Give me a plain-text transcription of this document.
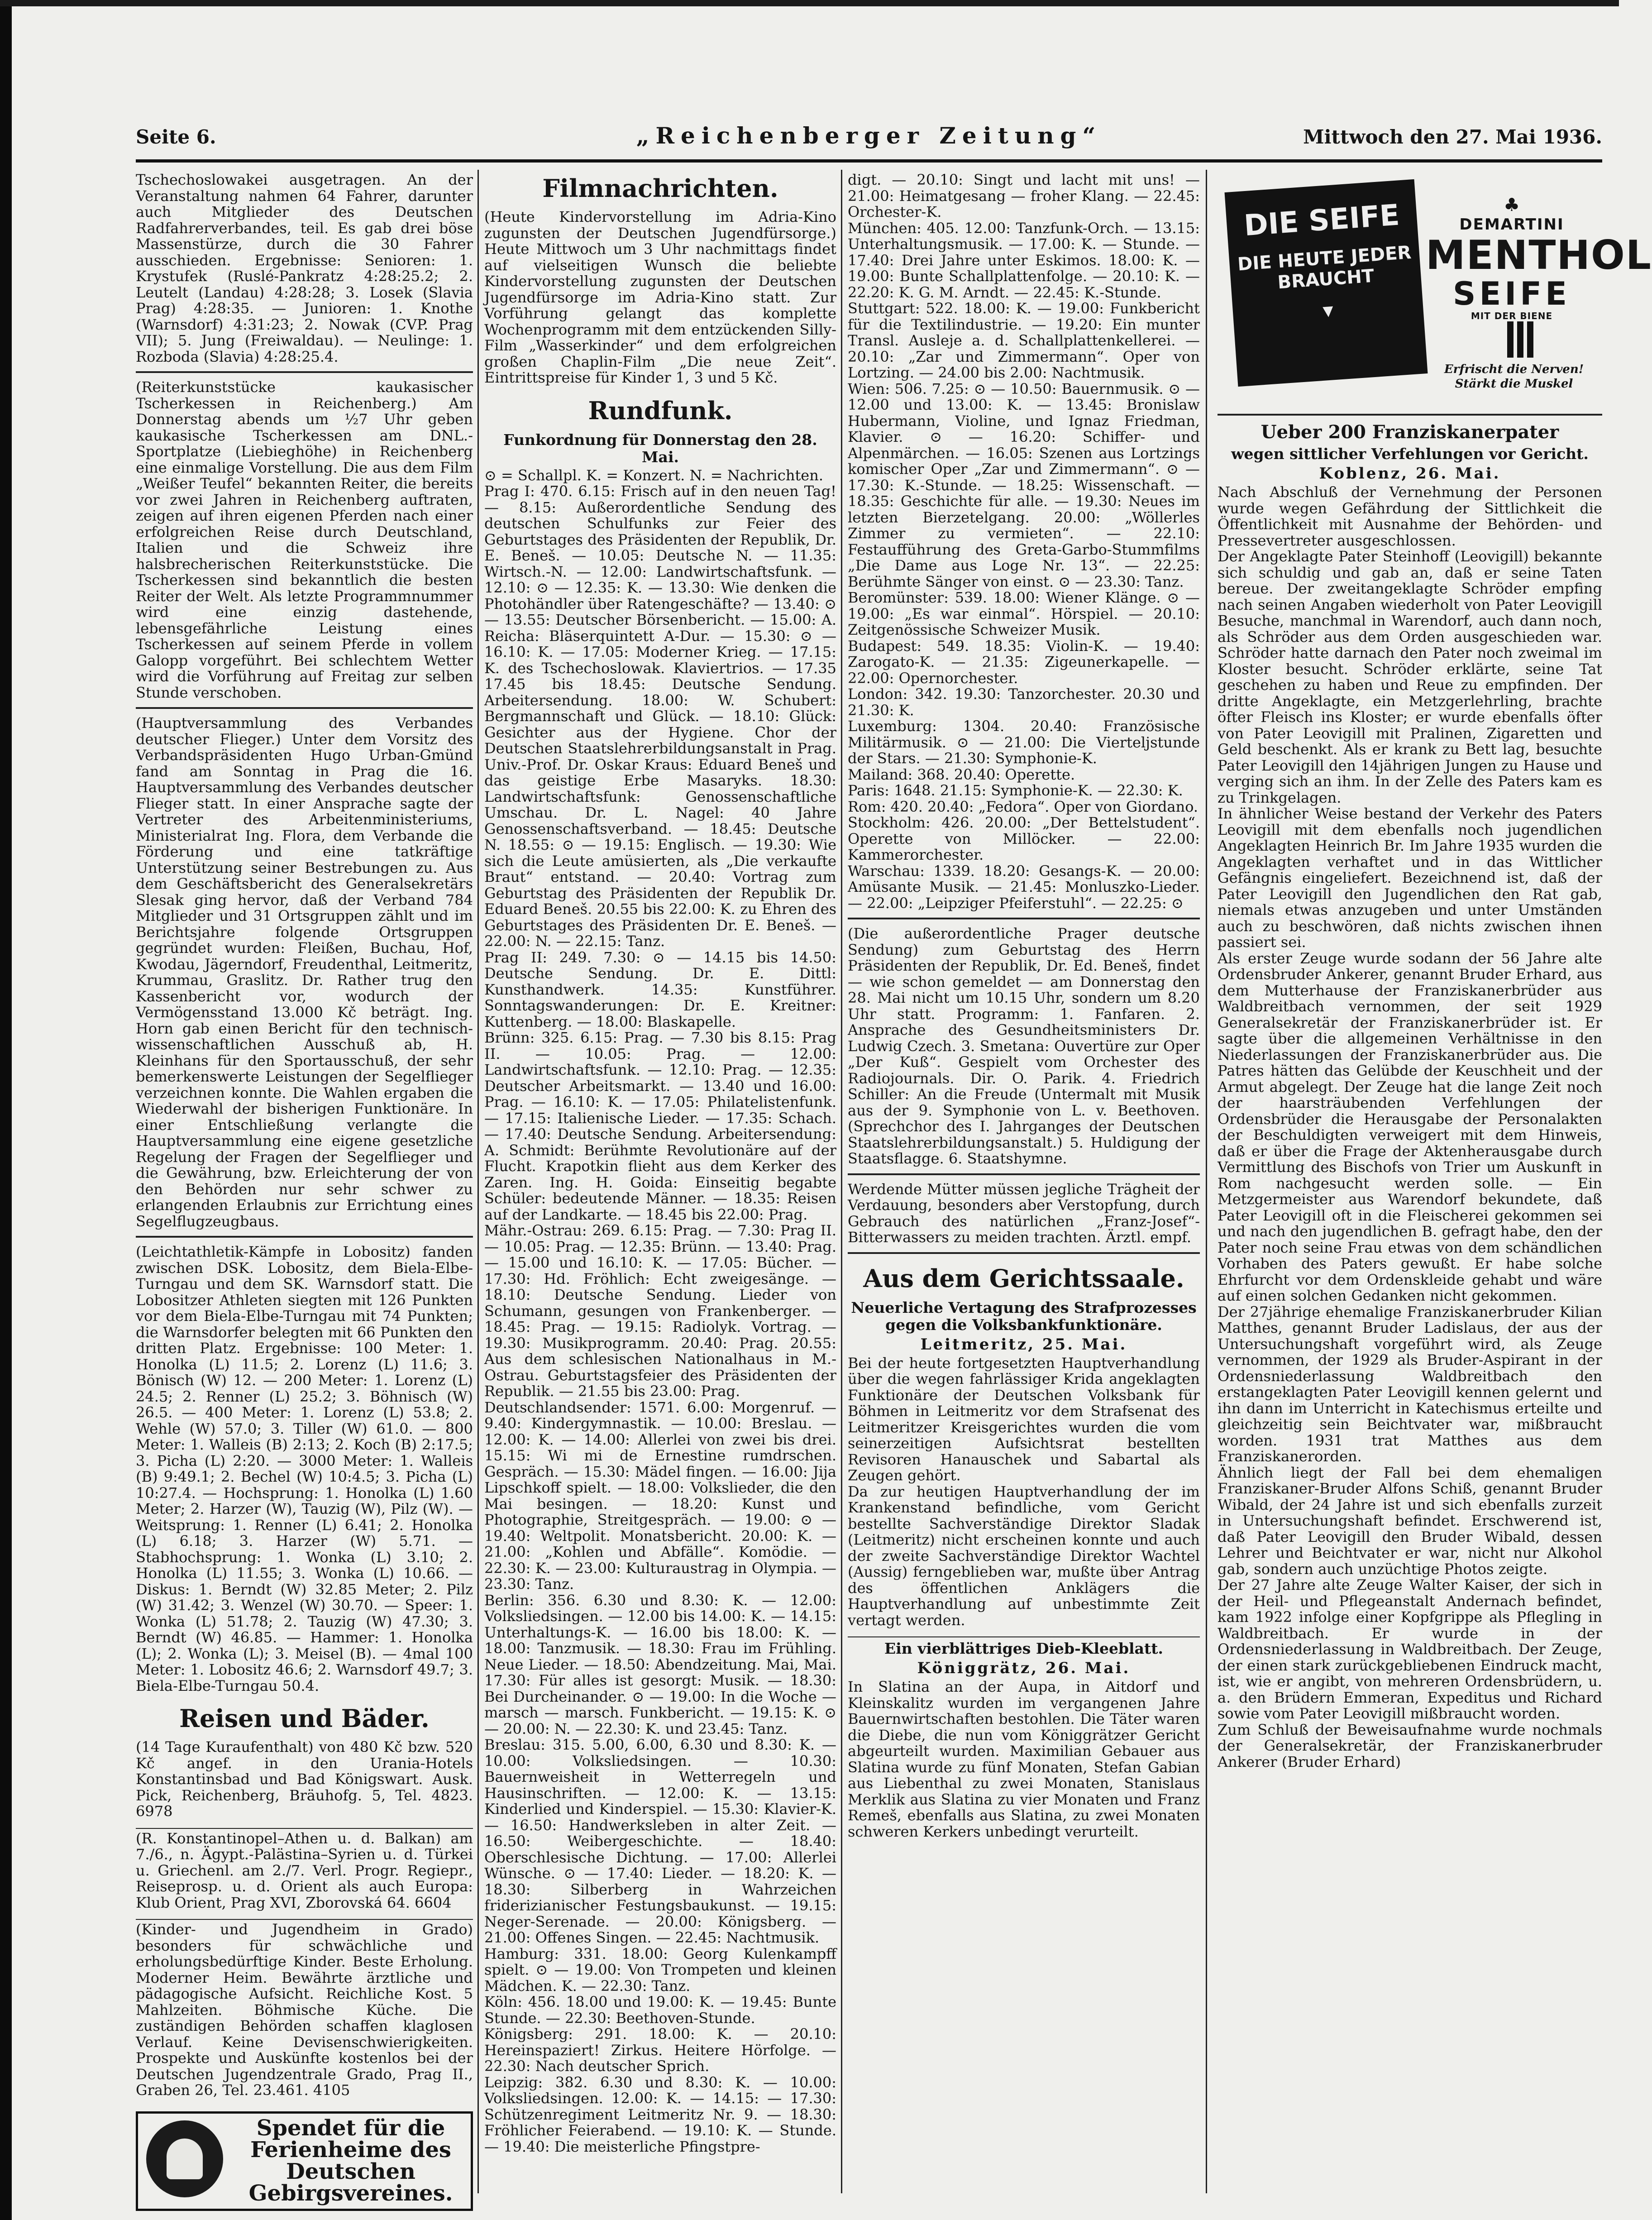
Seite 6.	„Reichenberger Zeitung“	Mittwoch den 27. Mai 1936.

Tschechoslowakei ausgetragen. An der Veranstaltung nahmen 64 Fahrer, darunter auch Mitglieder des Deutschen Radfahrerverbandes, teil. Es gab drei böse Massenstürze, durch die 30 Fahrer ausschieden. Ergebnisse: Senioren: 1. Krystufek (Ruslé-Pankratz 4:28:25.2; 2. Leutelt (Landau) 4:28:28; 3. Losek (Slavia Prag) 4:28:35. — Junioren: 1. Knothe (Warnsdorf) 4:31:23; 2. Nowak (CVP. Prag VII); 5. Jung (Freiwaldau). — Neulinge: 1. Rozboda (Slavia) 4:28:25.4.

(Reiterkunststücke kaukasischer Tscherkessen in Reichenberg.) Am Donnerstag abends um ½7 Uhr geben kaukasische Tscherkessen am DNL.-Sportplatze (Liebieghöhe) in Reichenberg eine einmalige Vorstellung. Die aus dem Film „Weißer Teufel“ bekannten Reiter, die bereits vor zwei Jahren in Reichenberg auftraten, zeigen auf ihren eigenen Pferden nach einer erfolgreichen Reise durch Deutschland, Italien und die Schweiz ihre halsbrecherischen Reiterkunststücke. Die Tscherkessen sind bekanntlich die besten Reiter der Welt. Als letzte Programmnummer wird eine einzig dastehende, lebensgefährliche Leistung eines Tscherkessen auf seinem Pferde in vollem Galopp vorgeführt. Bei schlechtem Wetter wird die Vorführung auf Freitag zur selben Stunde verschoben.

(Hauptversammlung des Verbandes deutscher Flieger.) Unter dem Vorsitz des Verbandspräsidenten Hugo Urban-Gmünd fand am Sonntag in Prag die 16. Hauptversammlung des Verbandes deutscher Flieger statt. In einer Ansprache sagte der Vertreter des Arbeitenministeriums, Ministerialrat Ing. Flora, dem Verbande die Förderung und eine tatkräftige Unterstützung seiner Bestrebungen zu. Aus dem Geschäftsbericht des Generalsekretärs Slesak ging hervor, daß der Verband 784 Mitglieder und 31 Ortsgruppen zählt und im Berichtsjahre folgende Ortsgruppen gegründet wurden: Fleißen, Buchau, Hof, Kwodau, Jägerndorf, Freudenthal, Leitmeritz, Krummau, Graslitz. Dr. Rather trug den Kassenbericht vor, wodurch der Vermögensstand 13.000 Kč beträgt. Ing. Horn gab einen Bericht für den technisch-wissenschaftlichen Ausschuß ab, H. Kleinhans für den Sportausschuß, der sehr bemerkenswerte Leistungen der Segelflieger verzeichnen konnte. Die Wahlen ergaben die Wiederwahl der bisherigen Funktionäre. In einer Entschließung verlangte die Hauptversammlung eine eigene gesetzliche Regelung der Fragen der Segelflieger und die Gewährung, bzw. Erleichterung der von den Behörden nur sehr schwer zu erlangenden Erlaubnis zur Errichtung eines Segelflugzeugbaus.

(Leichtathletik-Kämpfe in Lobositz) fanden zwischen DSK. Lobositz, dem Biela-Elbe-Turngau und dem SK. Warnsdorf statt. Die Lobositzer Athleten siegten mit 126 Punkten vor dem Biela-Elbe-Turngau mit 74 Punkten; die Warnsdorfer belegten mit 66 Punkten den dritten Platz. Ergebnisse: 100 Meter: 1. Honolka (L) 11.5; 2. Lorenz (L) 11.6; 3. Bönisch (W) 12. — 200 Meter: 1. Lorenz (L) 24.5; 2. Renner (L) 25.2; 3. Böhnisch (W) 26.5. — 400 Meter: 1. Lorenz (L) 53.8; 2. Wehle (W) 57.0; 3. Tiller (W) 61.0. — 800 Meter: 1. Walleis (B) 2:13; 2. Koch (B) 2:17.5; 3. Picha (L) 2:20. — 3000 Meter: 1. Walleis (B) 9:49.1; 2. Bechel (W) 10:4.5; 3. Picha (L) 10:27.4. — Hochsprung: 1. Honolka (L) 1.60 Meter; 2. Harzer (W), Tauzig (W), Pilz (W). — Weitsprung: 1. Renner (L) 6.41; 2. Honolka (L) 6.18; 3. Harzer (W) 5.71. — Stabhochsprung: 1. Wonka (L) 3.10; 2. Honolka (L) 11.55; 3. Wonka (L) 10.66. — Diskus: 1. Berndt (W) 32.85 Meter; 2. Pilz (W) 31.42; 3. Wenzel (W) 30.70. — Speer: 1. Wonka (L) 51.78; 2. Tauzig (W) 47.30; 3. Berndt (W) 46.85. — Hammer: 1. Honolka (L); 2. Wonka (L); 3. Meisel (B). — 4mal 100 Meter: 1. Lobositz 46.6; 2. Warnsdorf 49.7; 3. Biela-Elbe-Turngau 50.4.

Reisen und Bäder.

(14 Tage Kuraufenthalt) von 480 Kč bzw. 520 Kč angef. in den Urania-Hotels Konstantinsbad und Bad Königswart. Ausk. Pick, Reichenberg, Bräuhofg. 5, Tel. 4823. 6978

(R. Konstantinopel–Athen u. d. Balkan) am 7./6., n. Ägypt.-Palästina–Syrien u. d. Türkei u. Griechenl. am 2./7. Verl. Progr. Regiepr., Reiseprosp. u. d. Orient als auch Europa: Klub Orient, Prag XVI, Zborovská 64. 6604

(Kinder- und Jugendheim in Grado) besonders für schwächliche und erholungsbedürftige Kinder. Beste Erholung. Moderner Heim. Bewährte ärztliche und pädagogische Aufsicht. Reichliche Kost. 5 Mahlzeiten. Böhmische Küche. Die zuständigen Behörden schaffen klaglosen Verlauf. Keine Devisenschwierigkeiten. Prospekte und Auskünfte kostenlos bei der Deutschen Jugendzentrale Grado, Prag II., Graben 26, Tel. 23.461. 4105

Spendet für die Ferienheime des Deutschen Gebirgsvereines.
Filmnachrichten.

(Heute Kindervorstellung im Adria-Kino zugunsten der Deutschen Jugendfürsorge.) Heute Mittwoch um 3 Uhr nachmittags findet auf vielseitigen Wunsch die beliebte Kindervorstellung zugunsten der Deutschen Jugendfürsorge im Adria-Kino statt. Zur Vorführung gelangt das komplette Wochenprogramm mit dem entzückenden Silly-Film „Wasserkinder“ und dem erfolgreichen großen Chaplin-Film „Die neue Zeit“. Eintrittspreise für Kinder 1, 3 und 5 Kč.

Rundfunk.
Funkordnung für Donnerstag den 28. Mai.

⊙ = Schallpl. K. = Konzert. N. = Nachrichten.

Prag I: 470. 6.15: Frisch auf in den neuen Tag! — 8.15: Außerordentliche Sendung des deutschen Schulfunks zur Feier des Geburtstages des Präsidenten der Republik, Dr. E. Beneš. — 10.05: Deutsche N. — 11.35: Wirtsch.-N. — 12.00: Landwirtschaftsfunk. — 12.10: ⊙ — 12.35: K. — 13.30: Wie denken die Photohändler über Ratengeschäfte? — 13.40: ⊙ — 13.55: Deutscher Börsenbericht. — 15.00: A. Reicha: Bläserquintett A-Dur. — 15.30: ⊙ — 16.10: K. — 17.05: Moderner Krieg. — 17.15: K. des Tschechoslowak. Klaviertrios. — 17.35 17.45 bis 18.45: Deutsche Sendung. Arbeitersendung. 18.00: W. Schubert: Bergmannschaft und Glück. — 18.10: Glück: Gesichter aus der Hygiene. Chor der Deutschen Staatslehrerbildungsanstalt in Prag. Univ.-Prof. Dr. Oskar Kraus: Eduard Beneš und das geistige Erbe Masaryks. 18.30: Landwirtschaftsfunk: Genossenschaftliche Umschau. Dr. L. Nagel: 40 Jahre Genossenschaftsverband. — 18.45: Deutsche N. 18.55: ⊙ — 19.15: Englisch. — 19.30: Wie sich die Leute amüsierten, als „Die verkaufte Braut“ entstand. — 20.40: Vortrag zum Geburtstag des Präsidenten der Republik Dr. Eduard Beneš. 20.55 bis 22.00: K. zu Ehren des Geburtstages des Präsidenten Dr. E. Beneš. — 22.00: N. — 22.15: Tanz.

Prag II: 249. 7.30: ⊙ — 14.15 bis 14.50: Deutsche Sendung. Dr. E. Dittl: Kunsthandwerk. 14.35: Kunstführer. Sonntagswanderungen: Dr. E. Kreitner: Kuttenberg. — 18.00: Blaskapelle.

Brünn: 325. 6.15: Prag. — 7.30 bis 8.15: Prag II. — 10.05: Prag. — 12.00: Landwirtschaftsfunk. — 12.10: Prag. — 12.35: Deutscher Arbeitsmarkt. — 13.40 und 16.00: Prag. — 16.10: K. — 17.05: Philatelistenfunk. — 17.15: Italienische Lieder. — 17.35: Schach. — 17.40: Deutsche Sendung. Arbeitersendung: A. Schmidt: Berühmte Revolutionäre auf der Flucht. Krapotkin flieht aus dem Kerker des Zaren. Ing. H. Goida: Einseitig begabte Schüler: bedeutende Männer. — 18.35: Reisen auf der Landkarte. — 18.45 bis 22.00: Prag.

Mähr.-Ostrau: 269. 6.15: Prag. — 7.30: Prag II. — 10.05: Prag. — 12.35: Brünn. — 13.40: Prag. — 15.00 und 16.10: K. — 17.05: Bücher. — 17.30: Hd. Fröhlich: Echt zweigesänge. — 18.10: Deutsche Sendung. Lieder von Schumann, gesungen von Frankenberger. — 18.45: Prag. — 19.15: Radiolyk. Vortrag. — 19.30: Musikprogramm. 20.40: Prag. 20.55: Aus dem schlesischen Nationalhaus in M.-Ostrau. Geburtstagsfeier des Präsidenten der Republik. — 21.55 bis 23.00: Prag.

Deutschlandsender: 1571. 6.00: Morgenruf. — 9.40: Kindergymnastik. — 10.00: Breslau. — 12.00: K. — 14.00: Allerlei von zwei bis drei. 15.15: Wi mi de Ernestine rumdrschen. Gespräch. — 15.30: Mädel fingen. — 16.00: Jija Lipschkoff spielt. — 18.00: Volkslieder, die den Mai besingen. — 18.20: Kunst und Photographie, Streitgespräch. — 19.00: ⊙ — 19.40: Weltpolit. Monatsbericht. 20.00: K. — 21.00: „Kohlen und Abfälle“. Komödie. — 22.30: K. — 23.00: Kulturaustrag in Olympia. — 23.30: Tanz.

Berlin: 356. 6.30 und 8.30: K. — 12.00: Volksliedsingen. — 12.00 bis 14.00: K. — 14.15: Unterhaltungs-K. — 16.00 bis 18.00: K. — 18.00: Tanzmusik. — 18.30: Frau im Frühling. Neue Lieder. — 18.50: Abendzeitung. Mai, Mai. 17.30: Für alles ist gesorgt: Musik. — 18.30: Bei Durcheinander. ⊙ — 19.00: In die Woche — marsch — marsch. Funkbericht. — 19.15: K. ⊙ — 20.00: N. — 22.30: K. und 23.45: Tanz.

Breslau: 315. 5.00, 6.00, 6.30 und 8.30: K. — 10.00: Volksliedsingen. — 10.30: Bauernweisheit in Wetterregeln und Hausinschriften. — 12.00: K. — 13.15: Kinderlied und Kinderspiel. — 15.30: Klavier-K. — 16.50: Handwerksleben in alter Zeit. — 16.50: Weibergeschichte. — 18.40: Oberschlesische Dichtung. — 17.00: Allerlei Wünsche. ⊙ — 17.40: Lieder. — 18.20: K. — 18.30: Silberberg in Wahrzeichen friderizianischer Festungsbaukunst. — 19.15: Neger-Serenade. — 20.00: Königsberg. — 21.00: Offenes Singen. — 22.45: Nachtmusik.

Hamburg: 331. 18.00: Georg Kulenkampff spielt. ⊙ — 19.00: Von Trompeten und kleinen Mädchen. K. — 22.30: Tanz.

Köln: 456. 18.00 und 19.00: K. — 19.45: Bunte Stunde. — 22.30: Beethoven-Stunde.

Königsberg: 291. 18.00: K. — 20.10: Hereinspaziert! Zirkus. Heitere Hörfolge. — 22.30: Nach deutscher Sprich.

Leipzig: 382. 6.30 und 8.30: K. — 10.00: Volksliedsingen. 12.00: K. — 14.15: — 17.30: Schützenregiment Leitmeritz Nr. 9. — 18.30: Fröhlicher Feierabend. — 19.10: K. — Stunde. — 19.40: Die meisterliche Pfingstpre-

digt. — 20.10: Singt und lacht mit uns! — 21.00: Heimatgesang — froher Klang. — 22.45: Orchester-K.

München: 405. 12.00: Tanzfunk-Orch. — 13.15: Unterhaltungsmusik. — 17.00: K. — Stunde. — 17.40: Drei Jahre unter Eskimos. 18.00: K. — 19.00: Bunte Schallplattenfolge. — 20.10: K. — 22.20: K. G. M. Arndt. — 22.45: K.-Stunde.

Stuttgart: 522. 18.00: K. — 19.00: Funkbericht für die Textilindustrie. — 19.20: Ein munter Transl. Ausleje a. d. Schallplattenkellerei. — 20.10: „Zar und Zimmermann“. Oper von Lortzing. — 24.00 bis 2.00: Nachtmusik.

Wien: 506. 7.25: ⊙ — 10.50: Bauernmusik. ⊙ — 12.00 und 13.00: K. — 13.45: Bronislaw Hubermann, Violine, und Ignaz Friedman, Klavier. ⊙ — 16.20: Schiffer- und Alpenmärchen. — 16.05: Szenen aus Lortzings komischer Oper „Zar und Zimmermann“. ⊙ — 17.30: K.-Stunde. — 18.25: Wissenschaft. — 18.35: Geschichte für alle. — 19.30: Neues im letzten Bierzetelgang. 20.00: „Wöllerles Zimmer zu vermieten“. — 22.10: Festaufführung des Greta-Garbo-Stummfilms „Die Dame aus Loge Nr. 13“. — 22.25: Berühmte Sänger von einst. ⊙ — 23.30: Tanz.

Beromünster: 539. 18.00: Wiener Klänge. ⊙ — 19.00: „Es war einmal“. Hörspiel. — 20.10: Zeitgenössische Schweizer Musik.

Budapest: 549. 18.35: Violin-K. — 19.40: Zarogato-K. — 21.35: Zigeunerkapelle. — 22.00: Opernorchester.

London: 342. 19.30: Tanzorchester. 20.30 und 21.30: K.

Luxemburg: 1304. 20.40: Französische Militärmusik. ⊙ — 21.00: Die Vierteljstunde der Stars. — 21.30: Symphonie-K.

Mailand: 368. 20.40: Operette.

Paris: 1648. 21.15: Symphonie-K. — 22.30: K.

Rom: 420. 20.40: „Fedora“. Oper von Giordano.

Stockholm: 426. 20.00: „Der Bettelstudent“. Operette von Millöcker. — 22.00: Kammerorchester.

Warschau: 1339. 18.20: Gesangs-K. — 20.00: Amüsante Musik. — 21.45: Monluszko-Lieder. — 22.00: „Leipziger Pfeiferstuhl“. — 22.25: ⊙

(Die außerordentliche Prager deutsche Sendung) zum Geburtstag des Herrn Präsidenten der Republik, Dr. Ed. Beneš, findet — wie schon gemeldet — am Donnerstag den 28. Mai nicht um 10.15 Uhr, sondern um 8.20 Uhr statt. Programm: 1. Fanfaren. 2. Ansprache des Gesundheitsministers Dr. Ludwig Czech. 3. Smetana: Ouvertüre zur Oper „Der Kuß“. Gespielt vom Orchester des Radiojournals. Dir. O. Parik. 4. Friedrich Schiller: An die Freude (Untermalt mit Musik aus der 9. Symphonie von L. v. Beethoven. (Sprechchor des I. Jahrganges der Deutschen Staatslehrerbildungsanstalt.) 5. Huldigung der Staatsflagge. 6. Staatshymne.

Werdende Mütter müssen jegliche Trägheit der Verdauung, besonders aber Verstopfung, durch Gebrauch des natürlichen „Franz-Josef“-Bitterwassers zu meiden trachten. Ärztl. empf.

Aus dem Gerichtssaale.
Neuerliche Vertagung des Strafprozesses gegen die Volksbankfunktionäre.
Leitmeritz, 25. Mai.

Bei der heute fortgesetzten Hauptverhandlung über die wegen fahrlässiger Krida angeklagten Funktionäre der Deutschen Volksbank für Böhmen in Leitmeritz vor dem Strafsenat des Leitmeritzer Kreisgerichtes wurden die vom seinerzeitigen Aufsichtsrat bestellten Revisoren Hanauschek und Sabartal als Zeugen gehört.

Da zur heutigen Hauptverhandlung der im Krankenstand befindliche, vom Gericht bestellte Sachverständige Direktor Sladak (Leitmeritz) nicht erscheinen konnte und auch der zweite Sachverständige Direktor Wachtel (Aussig) ferngeblieben war, mußte über Antrag des öffentlichen Anklägers die Hauptverhandlung auf unbestimmte Zeit vertagt werden.

Ein vierblättriges Dieb-Kleeblatt.
Königgrätz, 26. Mai.

In Slatina an der Aupa, in Aitdorf und Kleinskalitz wurden im vergangenen Jahre Bauernwirtschaften bestohlen. Die Täter waren die Diebe, die nun vom Königgrätzer Gericht abgeurteilt wurden. Maximilian Gebauer aus Slatina wurde zu fünf Monaten, Stefan Gabian aus Liebenthal zu zwei Monaten, Stanislaus Merklik aus Slatina zu vier Monaten und Franz Remeš, ebenfalls aus Slatina, zu zwei Monaten schweren Kerkers unbedingt verurteilt.

DIE SEIFE
DIE HEUTE JEDER BRAUCHT
▼
♣
DEMARTINI
MENTHOL
SEIFE
MIT DER BIENE
Erfrischt die Nerven! Stärkt die Muskel
Ueber 200 Franziskanerpater
wegen sittlicher Verfehlungen vor Gericht.
Koblenz, 26. Mai.

Nach Abschluß der Vernehmung der Personen wurde wegen Gefährdung der Sittlichkeit die Öffentlichkeit mit Ausnahme der Behörden- und Pressevertreter ausgeschlossen.

Der Angeklagte Pater Steinhoff (Leovigill) bekannte sich schuldig und gab an, daß er seine Taten bereue. Der zweitangeklagte Schröder empfing nach seinen Angaben wiederholt von Pater Leovigill Besuche, manchmal in Warendorf, auch dann noch, als Schröder aus dem Orden ausgeschieden war. Schröder hatte darnach den Pater noch zweimal im Kloster besucht. Schröder erklärte, seine Tat geschehen zu haben und Reue zu empfinden. Der dritte Angeklagte, ein Metzgerlehrling, brachte öfter Fleisch ins Kloster; er wurde ebenfalls öfter von Pater Leovigill mit Pralinen, Zigaretten und Geld beschenkt. Als er krank zu Bett lag, besuchte Pater Leovigill den 14jährigen Jungen zu Hause und verging sich an ihm. In der Zelle des Paters kam es zu Trinkgelagen.

In ähnlicher Weise bestand der Verkehr des Paters Leovigill mit dem ebenfalls noch jugendlichen Angeklagten Heinrich Br. Im Jahre 1935 wurden die Angeklagten verhaftet und in das Wittlicher Gefängnis eingeliefert. Bezeichnend ist, daß der Pater Leovigill den Jugendlichen den Rat gab, niemals etwas anzugeben und unter Umständen auch zu beschwören, daß nichts zwischen ihnen passiert sei.

Als erster Zeuge wurde sodann der 56 Jahre alte Ordensbruder Ankerer, genannt Bruder Erhard, aus dem Mutterhause der Franziskanerbrüder aus Waldbreitbach vernommen, der seit 1929 Generalsekretär der Franziskanerbrüder ist. Er sagte über die allgemeinen Verhältnisse in den Niederlassungen der Franziskanerbrüder aus. Die Patres hätten das Gelübde der Keuschheit und der Armut abgelegt. Der Zeuge hat die lange Zeit noch der haarsträubenden Verfehlungen der Ordensbrüder die Herausgabe der Personalakten der Beschuldigten verweigert mit dem Hinweis, daß er über die Frage der Aktenherausgabe durch Vermittlung des Bischofs von Trier um Auskunft in Rom nachgesucht werden solle. — Ein Metzgermeister aus Warendorf bekundete, daß Pater Leovigill oft in die Fleischerei gekommen sei und nach den jugendlichen B. gefragt habe, den der Pater noch seine Frau etwas von dem schändlichen Vorhaben des Paters gewußt. Er habe solche Ehrfurcht vor dem Ordenskleide gehabt und wäre auf einen solchen Gedanken nicht gekommen.

Der 27jährige ehemalige Franziskanerbruder Kilian Matthes, genannt Bruder Ladislaus, der aus der Untersuchungshaft vorgeführt wird, als Zeuge vernommen, der 1929 als Bruder-Aspirant in der Ordensniederlassung Waldbreitbach den erstangeklagten Pater Leovigill kennen gelernt und ihn dann im Unterricht in Katechismus erteilte und gleichzeitig sein Beichtvater war, mißbraucht worden. 1931 trat Matthes aus dem Franziskanerorden.

Ähnlich liegt der Fall bei dem ehemaligen Franziskaner-Bruder Alfons Schiß, genannt Bruder Wibald, der 24 Jahre ist und sich ebenfalls zurzeit in Untersuchungshaft befindet. Erschwerend ist, daß Pater Leovigill den Bruder Wibald, dessen Lehrer und Beichtvater er war, nicht nur Alkohol gab, sondern auch unzüchtige Photos zeigte.

Der 27 Jahre alte Zeuge Walter Kaiser, der sich in der Heil- und Pflegeanstalt Andernach befindet, kam 1922 infolge einer Kopfgrippe als Pflegling in Waldbreitbach. Er wurde in der Ordensniederlassung in Waldbreitbach. Der Zeuge, der einen stark zurückgebliebenen Eindruck macht, ist, wie er angibt, von mehreren Ordensbrüdern, u. a. den Brüdern Emmeran, Expeditus und Richard sowie vom Pater Leovigill mißbraucht worden.

Zum Schluß der Beweisaufnahme wurde nochmals der Generalsekretär, der Franziskanerbruder Ankerer (Bruder Erhard)
